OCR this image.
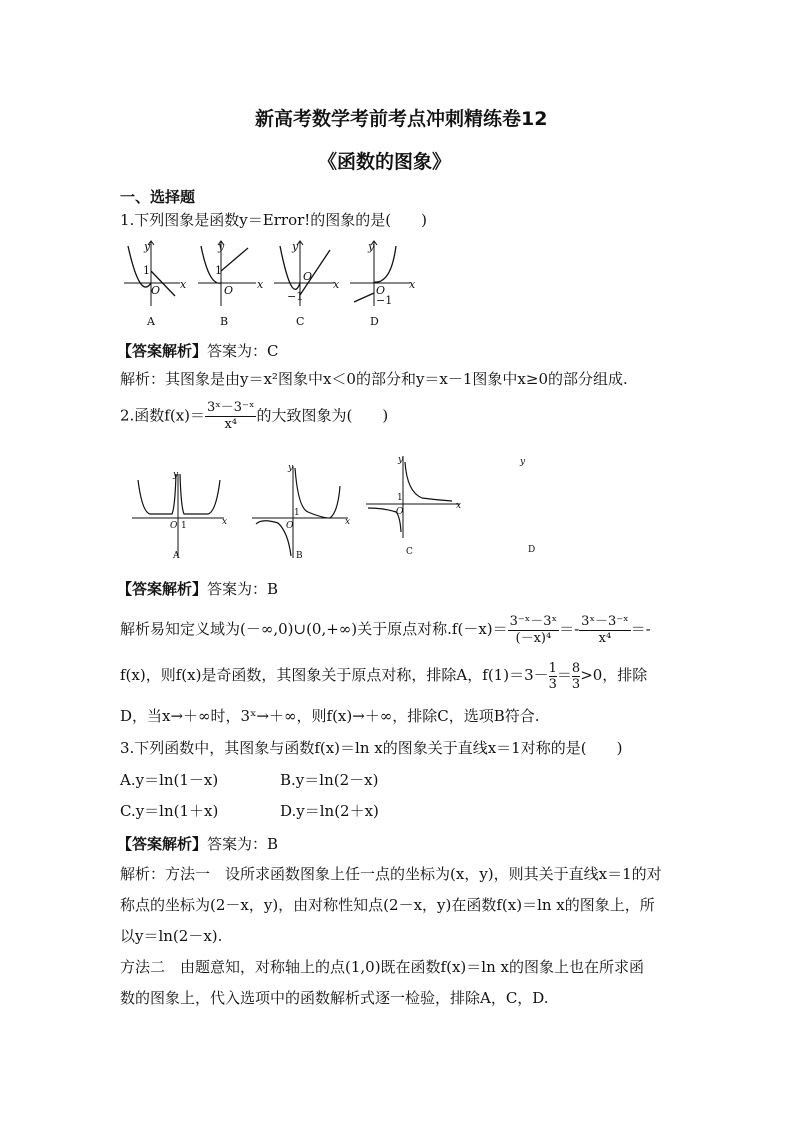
新高考数学考前考点冲刺精练卷12
《函数的图象》
一、选择题
1.下列图象是函数y＝Error!的图象的是(　　)
y
x
O
y
x
O
y
x
O
y
x
O
1	1
−1	−1
A	B	C	D
【答案解析】答案为：C
解析：其图象是由y＝x²图象中x＜0的部分和y＝x－1图象中x≥0的部分组成.
2.函数$f(x)= \frac{\text{3ˣ－3⁻ˣ}}{\text{x⁴}}$ 的大致图象为(　　)
y
x
O
y
x
O
y
x
O
1
1
1
A	B	C
y
D
【答案解析】答案为：B
解析易知定义域为(－∞,0)∪(0,+∞)关于原点对称$.f(-x)= \frac{\text{3⁻ˣ－3ˣ}}{\text{(－x)⁴}} =- \frac{\text{3ˣ－3⁻ˣ}}{\text{x⁴}}$ ＝-
f(x)，则f(x)是奇函数，其图象关于原点对称，排除A，$f(1)=3- \frac{1}{3} = \frac{8}{3} >0$，排除
D，当x→＋∞时，3ˣ→＋∞，则f(x)→＋∞，排除C，选项B符合.
3.下列函数中，其图象与函数f(x)＝ln x的图象关于直线x＝1对称的是(　　)
A.y＝ln(1－x)	B.y＝ln(2－x)
C.y＝ln(1＋x)	D.y＝ln(2＋x)
【答案解析】答案为：B
解析：方法一　设所求函数图象上任一点的坐标为(x，y)，则其关于直线x＝1的对
称点的坐标为(2－x，y)，由对称性知点(2－x，y)在函数f(x)＝ln x的图象上，所
以y＝ln(2－x).
方法二　由题意知，对称轴上的点(1,0)既在函数f(x)＝ln x的图象上也在所求函
数的图象上，代入选项中的函数解析式逐一检验，排除A，C，D.
